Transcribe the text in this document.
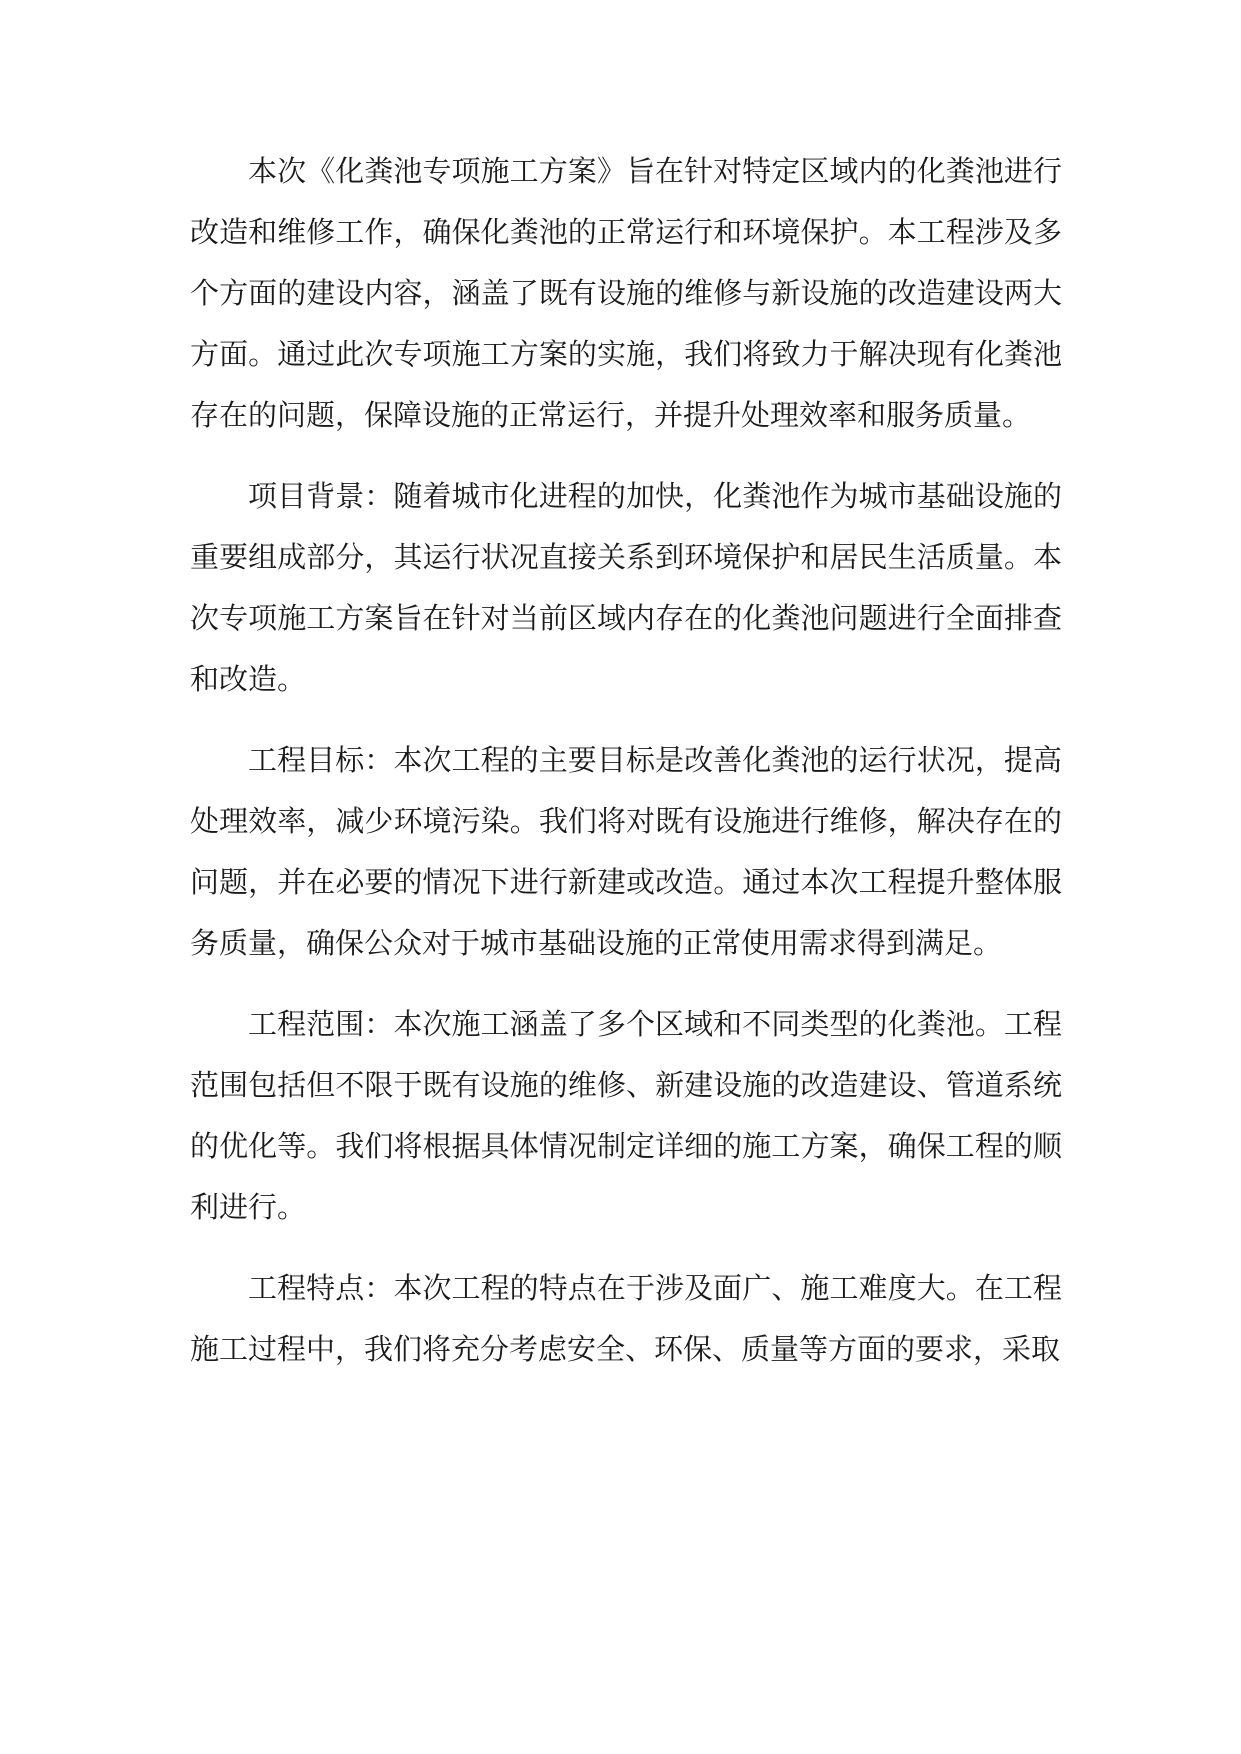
本次《化粪池专项施工方案》旨在针对特定区域内的化粪池进行改造和维修工作，确保化粪池的正常运行和环境保护。本工程涉及多个方面的建设内容，涵盖了既有设施的维修与新设施的改造建设两大方面。通过此次专项施工方案的实施，我们将致力于解决现有化粪池存在的问题，保障设施的正常运行，并提升处理效率和服务质量。

项目背景：随着城市化进程的加快，化粪池作为城市基础设施的重要组成部分，其运行状况直接关系到环境保护和居民生活质量。本次专项施工方案旨在针对当前区域内存在的化粪池问题进行全面排查和改造。

工程目标：本次工程的主要目标是改善化粪池的运行状况，提高处理效率，减少环境污染。我们将对既有设施进行维修，解决存在的问题，并在必要的情况下进行新建或改造。通过本次工程提升整体服务质量，确保公众对于城市基础设施的正常使用需求得到满足。

工程范围：本次施工涵盖了多个区域和不同类型的化粪池。工程范围包括但不限于既有设施的维修、新建设施的改造建设、管道系统的优化等。我们将根据具体情况制定详细的施工方案，确保工程的顺利进行。

工程特点：本次工程的特点在于涉及面广、施工难度大。在工程施工过程中，我们将充分考虑安全、环保、质量等方面的要求，采取
